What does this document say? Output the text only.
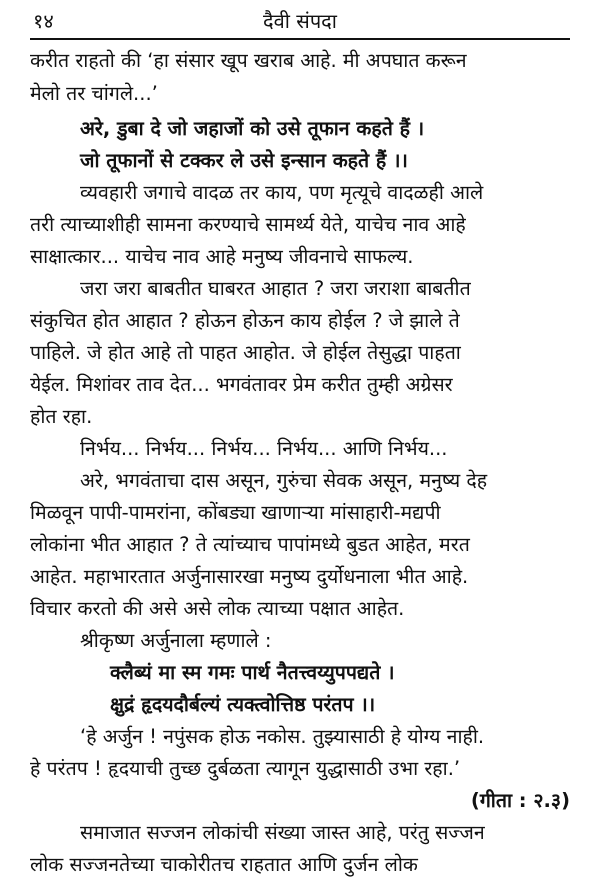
१४	दैवी संपदा
करीत राहतो की ‘हा संसार खूप खराब आहे. मी अपघात करून
मेलो तर चांगले...’
अरे, डुबा दे जो जहाजों को उसे तूफान कहते हैं ।
जो तूफानों से टक्कर ले उसे इन्सान कहते हैं ।।
व्यवहारी जगाचे वादळ तर काय, पण मृत्यूचे वादळही आले
तरी त्याच्याशीही सामना करण्याचे सामर्थ्य येते, याचेच नाव आहे
साक्षात्कार... याचेच नाव आहे मनुष्य जीवनाचे साफल्य.
जरा जरा बाबतीत घाबरत आहात ? जरा जराशा बाबतीत
संकुचित होत आहात ? होऊन होऊन काय होईल ? जे झाले ते
पाहिले. जे होत आहे तो पाहत आहोत. जे होईल तेसुद्धा पाहता
येईल. मिशांवर ताव देत... भगवंतावर प्रेम करीत तुम्ही अग्रेसर
होत रहा.
निर्भय... निर्भय... निर्भय... निर्भय... आणि निर्भय...
अरे, भगवंताचा दास असून, गुरुंचा सेवक असून, मनुष्य देह
मिळवून पापी-पामरांना, कोंबड्या खाणाऱ्या मांसाहारी-मद्यपी
लोकांना भीत आहात ? ते त्यांच्याच पापांमध्ये बुडत आहेत, मरत
आहेत. महाभारतात अर्जुनासारखा मनुष्य दुर्योधनाला भीत आहे.
विचार करतो की असे असे लोक त्याच्या पक्षात आहेत.
श्रीकृष्ण अर्जुनाला म्हणाले :
क्लैब्यं मा स्म गमः पार्थ नैतत्त्वय्युपपद्यते ।
क्षुद्रं हृदयदौर्बल्यं त्यक्त्वोत्तिष्ठ परंतप ।।
‘हे अर्जुन ! नपुंसक होऊ नकोस. तुझ्यासाठी हे योग्य नाही.
हे परंतप ! हृदयाची तुच्छ दुर्बळता त्यागून युद्धासाठी उभा रहा.’
(गीता : २.३)
समाजात सज्जन लोकांची संख्या जास्त आहे, परंतु सज्जन
लोक सज्जनतेच्या चाकोरीतच राहतात आणि दुर्जन लोक
